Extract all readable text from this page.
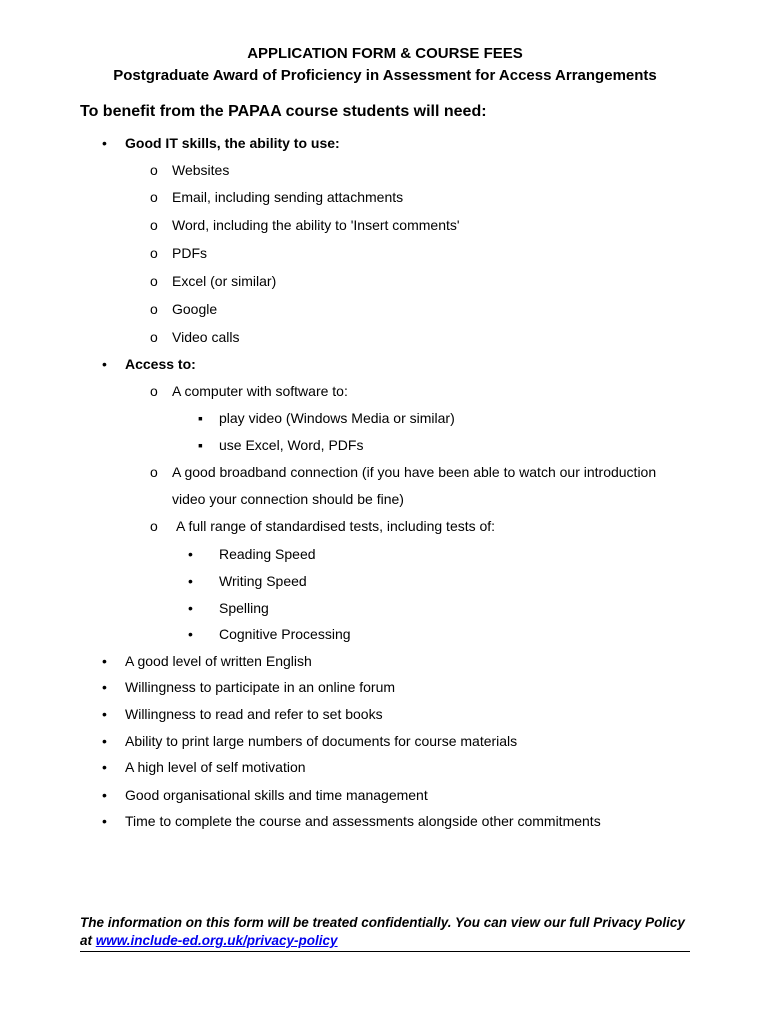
APPLICATION FORM & COURSE FEES
Postgraduate Award of Proficiency in Assessment for Access Arrangements
To benefit from the PAPAA course students will need:
• Good IT skills, the ability to use:
o Websites
o Email, including sending attachments
o Word, including the ability to 'Insert comments'
o PDFs
o Excel (or similar)
o Google
o Video calls
• Access to:
o A computer with software to:
▪ play video (Windows Media or similar)
▪ use Excel, Word, PDFs
o A good broadband connection (if you have been able to watch our introduction
video your connection should be fine)
o A full range of standardised tests, including tests of:
• Reading Speed
• Writing Speed
• Spelling
• Cognitive Processing
• A good level of written English
• Willingness to participate in an online forum
• Willingness to read and refer to set books
• Ability to print large numbers of documents for course materials
• A high level of self motivation
• Good organisational skills and time management
• Time to complete the course and assessments alongside other commitments
The information on this form will be treated confidentially. You can view our full Privacy Policy
at www.include-ed.org.uk/privacy-policy
